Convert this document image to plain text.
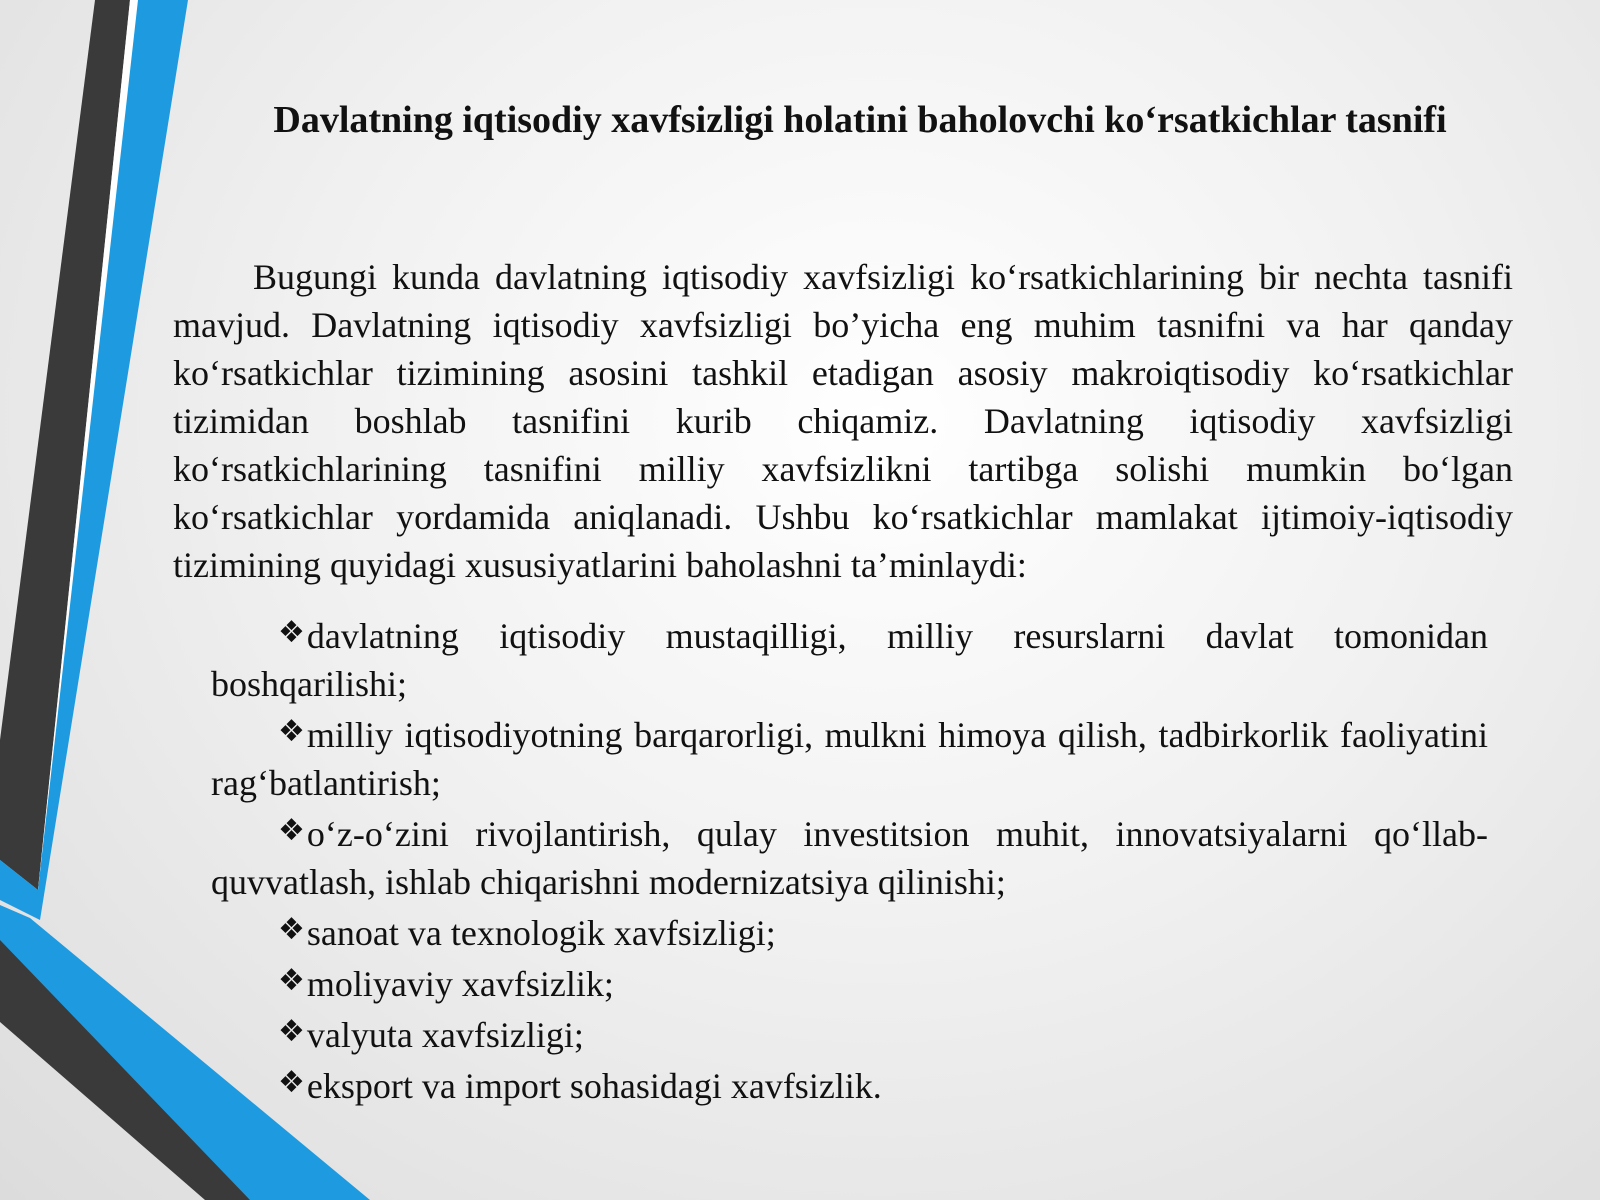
Davlatning iqtisodiy xavfsizligi holatini baholovchi ko‘rsatkichlar tasnifi

Bugungi kunda davlatning iqtisodiy xavfsizligi ko‘rsatkichlarining bir nechta tasnifi mavjud. Davlatning iqtisodiy xavfsizligi bo’yicha eng muhim tasnifni va har qanday ko‘rsatkichlar tizimining asosini tashkil etadigan asosiy makroiqtisodiy ko‘rsatkichlar tizimidan boshlab tasnifini kurib chiqamiz. Davlatning iqtisodiy xavfsizligi ko‘rsatkichlarining tasnifini milliy xavfsizlikni tartibga solishi mumkin bo‘lgan ko‘rsatkichlar yordamida aniqlanadi. Ushbu ko‘rsatkichlar mamlakat ijtimoiy-iqtisodiy tizimining quyidagi xususiyatlarini baholashni ta’minlaydi:

❖davlatning iqtisodiy mustaqilligi, milliy resurslarni davlat tomonidan boshqarilishi;
❖milliy iqtisodiyotning barqarorligi, mulkni himoya qilish, tadbirkorlik faoliyatini rag‘batlantirish;
❖o‘z-o‘zini rivojlantirish, qulay investitsion muhit, innovatsiyalarni qo‘llab-quvvatlash, ishlab chiqarishni modernizatsiya qilinishi;
❖sanoat va texnologik xavfsizligi;
❖moliyaviy xavfsizlik;
❖valyuta xavfsizligi;
❖eksport va import sohasidagi xavfsizlik.
